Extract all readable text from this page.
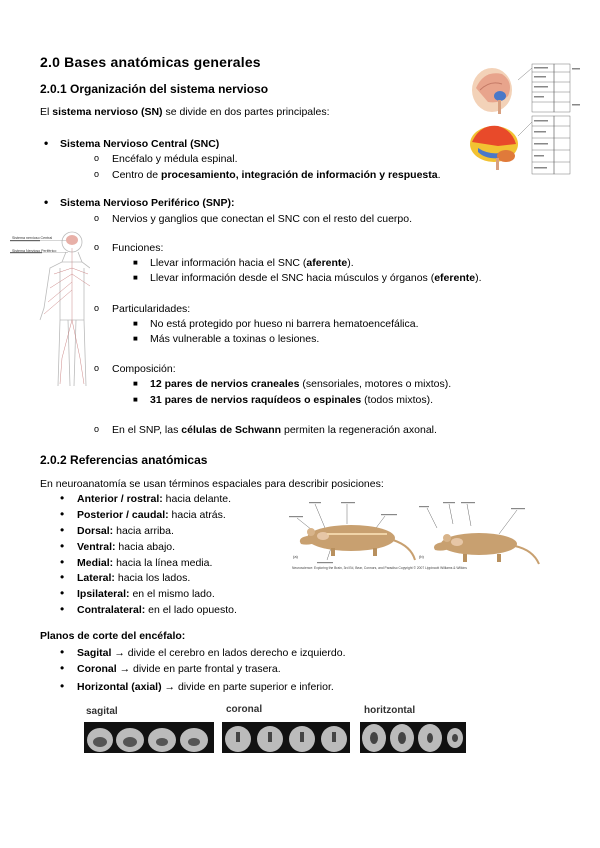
2.0 Bases anatómicas generales
2.0.1 Organización del sistema nervioso

El sistema nervioso (SN) se divide en dos partes principales:

• Sistema Nervioso Central (SNC)
o Encéfalo y médula espinal.
o Centro de procesamiento, integración de información y respuesta.
• Sistema Nervioso Periférico (SNP):
o Nervios y ganglios que conectan el SNC con el resto del cuerpo.
o Funciones:
■ Llevar información hacia el SNC (aferente).
■ Llevar información desde el SNC hacia músculos y órganos (eferente).
o Particularidades:
■ No está protegido por hueso ni barrera hematoencefálica.
■ Más vulnerable a toxinas o lesiones.
o Composición:
■ 12 pares de nervios craneales (sensoriales, motores o mixtos).
■ 31 pares de nervios raquídeos o espinales (todos mixtos).
o En el SNP, las células de Schwann permiten la regeneración axonal.
Sistema nervioso Central
Sistema Nervioso Periférico
2.0.2 Referencias anatómicas

En neuroanatomía se usan términos espaciales para describir posiciones:

• Anterior / rostral: hacia delante.
• Posterior / caudal: hacia atrás.
• Dorsal: hacia arriba.
• Ventral: hacia abajo.
• Medial: hacia la línea media.
• Lateral: hacia los lados.
• Ipsilateral: en el mismo lado.
• Contralateral: en el lado opuesto.
(a)	(b)
Neuroscience: Exploring the Brain, 3rd Ed, Bear, Connors, and Paradiso Copyright © 2007 Lippincott Williams & Wilkins
Planos de corte del encéfalo:
• Sagital → divide el cerebro en lados derecho e izquierdo.
• Coronal → divide en parte frontal y trasera.
• Horizontal (axial) → divide en parte superior e inferior.
sagital	coronal	horitzontal
